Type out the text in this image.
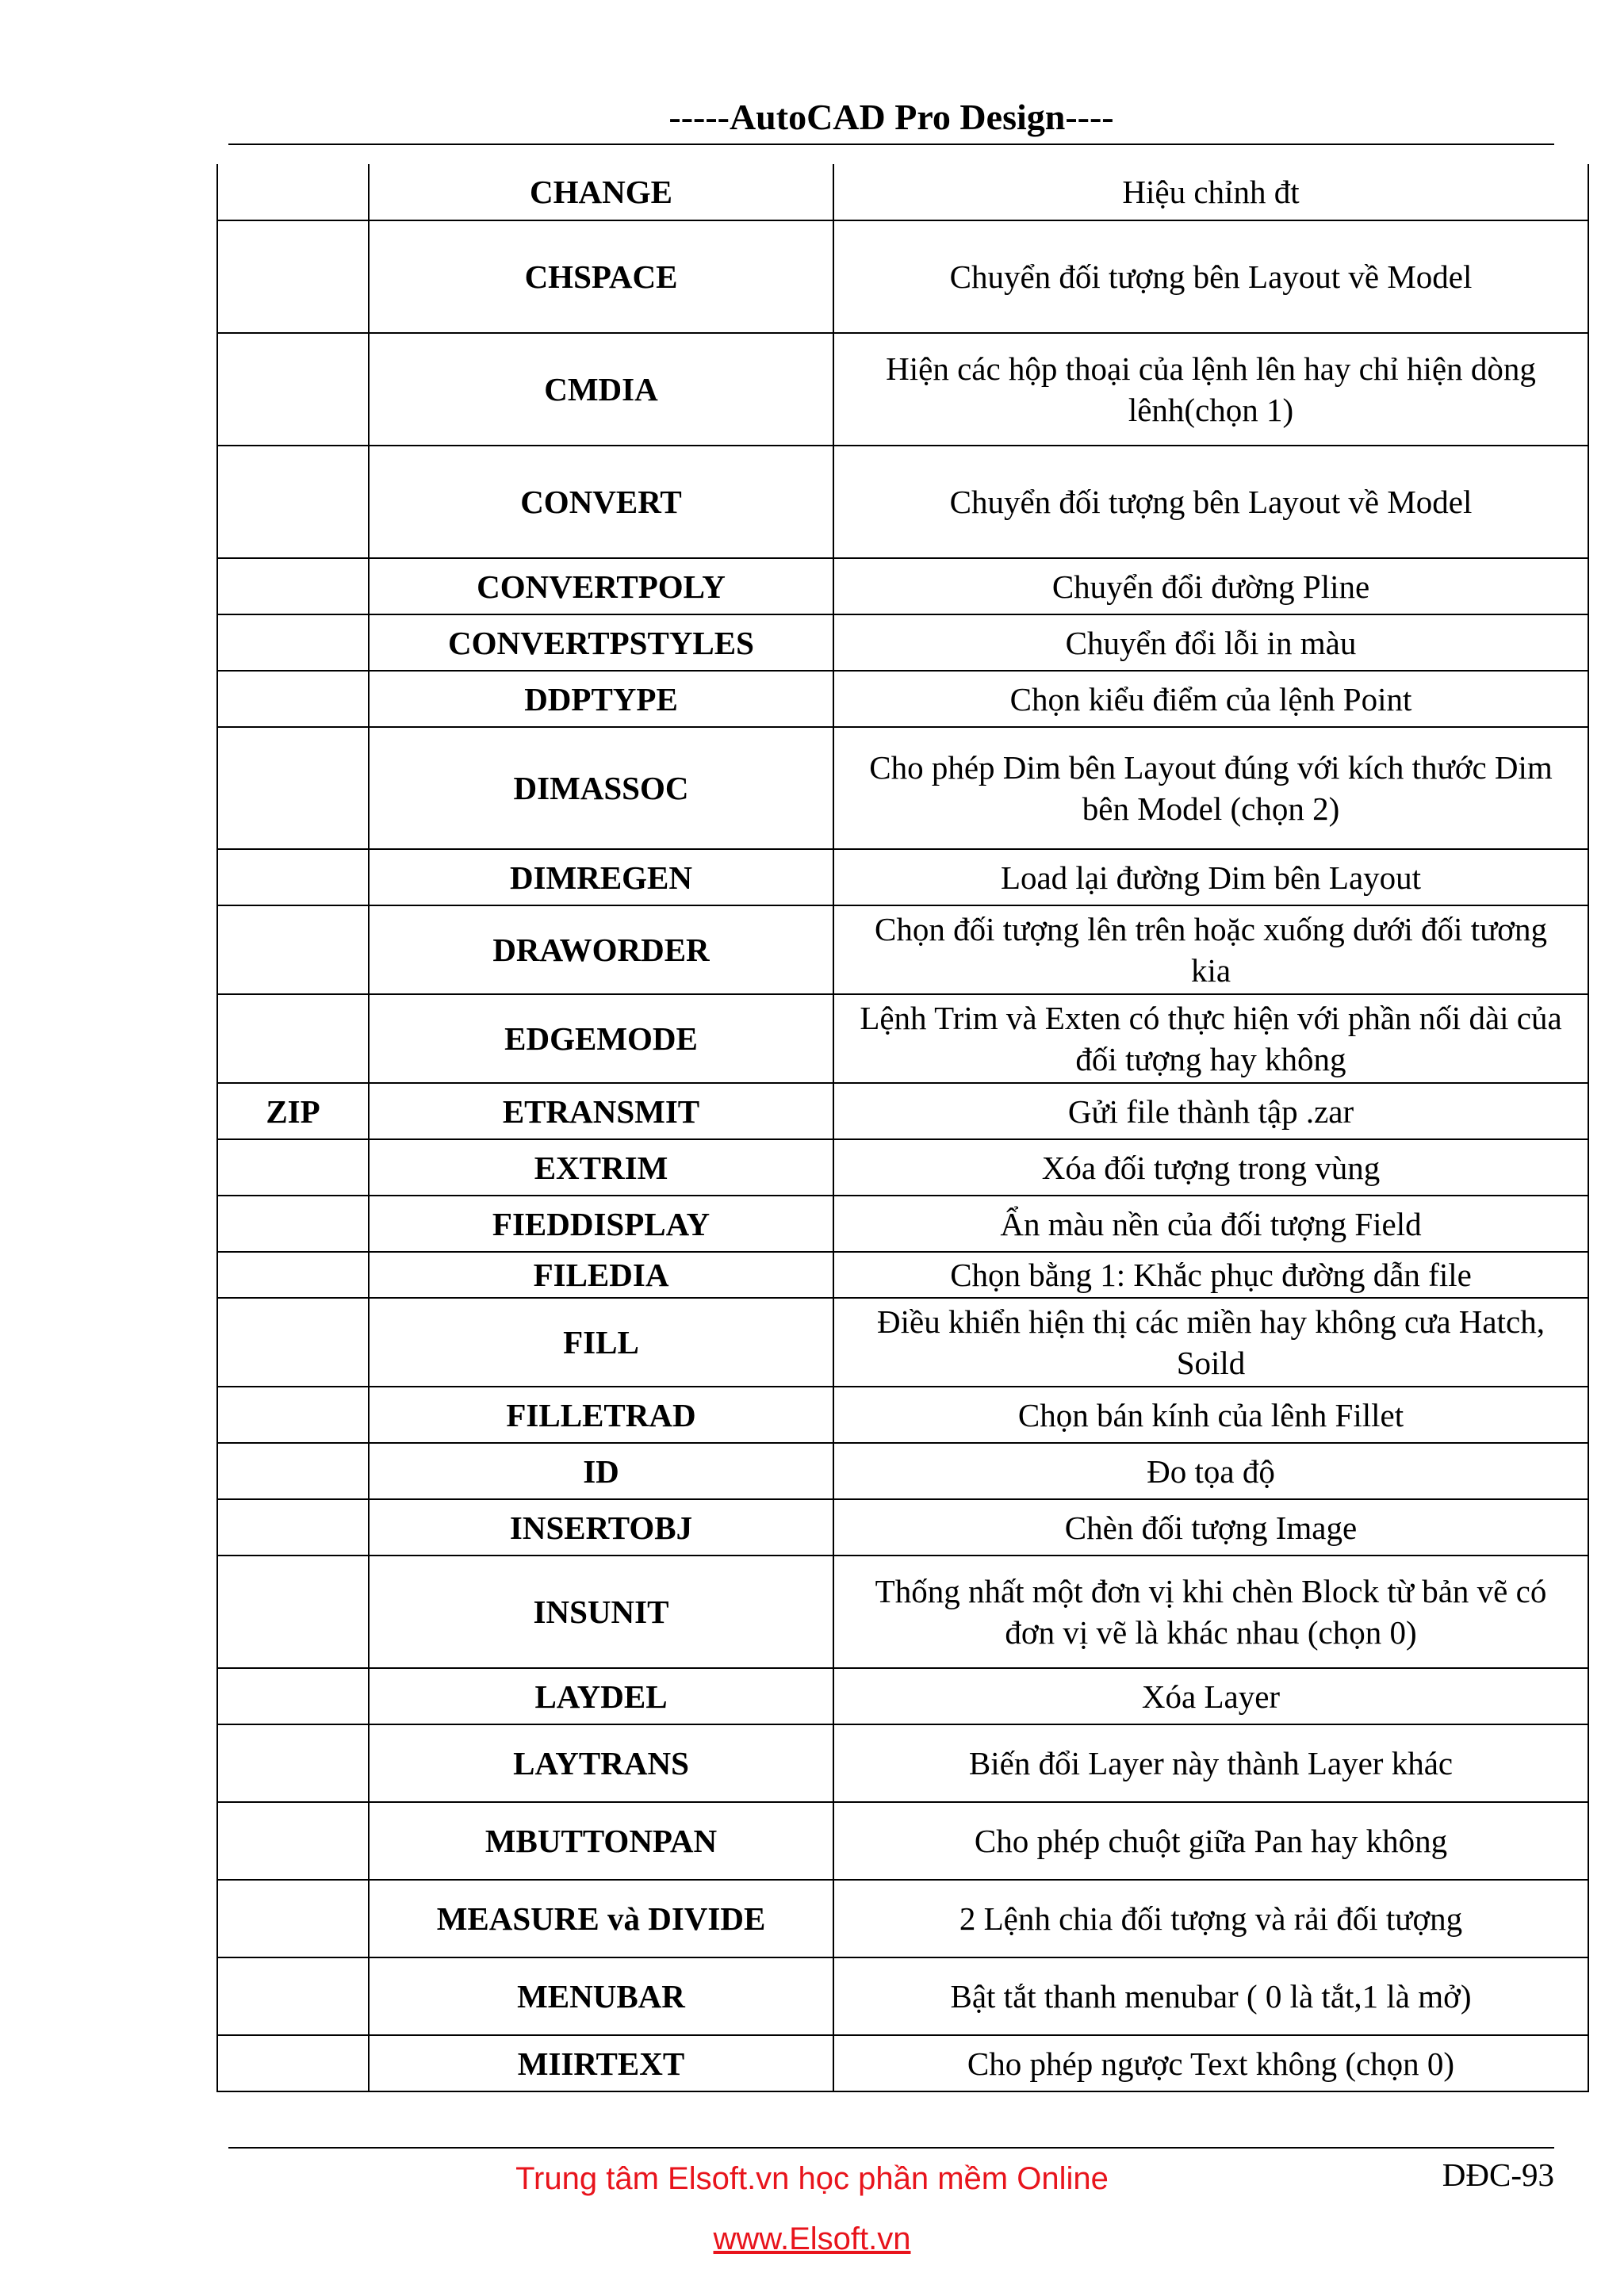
-----AutoCAD Pro Design----
	CHANGE	Hiệu chỉnh đt
	CHSPACE	Chuyển đối tượng bên Layout về Model
	CMDIA	Hiện các hộp thoại của lệnh lên hay chỉ hiện dòng lênh(chọn 1)
	CONVERT	Chuyển đối tượng bên Layout về Model
	CONVERTPOLY	Chuyển đổi đường Pline
	CONVERTPSTYLES	Chuyển đổi lỗi in màu
	DDPTYPE	Chọn kiểu điểm của lệnh Point
	DIMASSOC	Cho phép Dim bên Layout đúng với kích thước Dim bên Model (chọn 2)
	DIMREGEN	Load lại đường Dim bên Layout
	DRAWORDER	Chọn đối tượng lên trên hoặc xuống dưới đối tương kia
	EDGEMODE	Lệnh Trim và Exten có thực hiện với phần nối dài của đối tượng hay không
ZIP	ETRANSMIT	Gửi file thành tập .zar
	EXTRIM	Xóa đối tượng trong vùng
	FIEDDISPLAY	Ẩn màu nền của đối tượng Field
	FILEDIA	Chọn bằng 1: Khắc phục đường dẫn file
	FILL	Điều khiển hiện thị các miền hay không cưa Hatch, Soild
	FILLETRAD	Chọn bán kính của lênh Fillet
	ID	Đo tọa độ
	INSERTOBJ	Chèn đối tượng Image
	INSUNIT	Thống nhất một đơn vị khi chèn Block từ bản vẽ có đơn vị vẽ là khác nhau (chọn 0)
	LAYDEL	Xóa Layer
	LAYTRANS	Biến đổi Layer này thành Layer khác
	MBUTTONPAN	Cho phép chuột giữa Pan hay không
	MEASURE và DIVIDE	2 Lệnh chia đối tượng và rải đối tượng
	MENUBAR	Bật tắt thanh menubar ( 0 là tắt,1 là mở)
	MIIRTEXT	Cho phép ngược Text không (chọn 0)
Trung tâm Elsoft.vn học phần mềm Online
www.Elsoft.vn
DĐC-93
